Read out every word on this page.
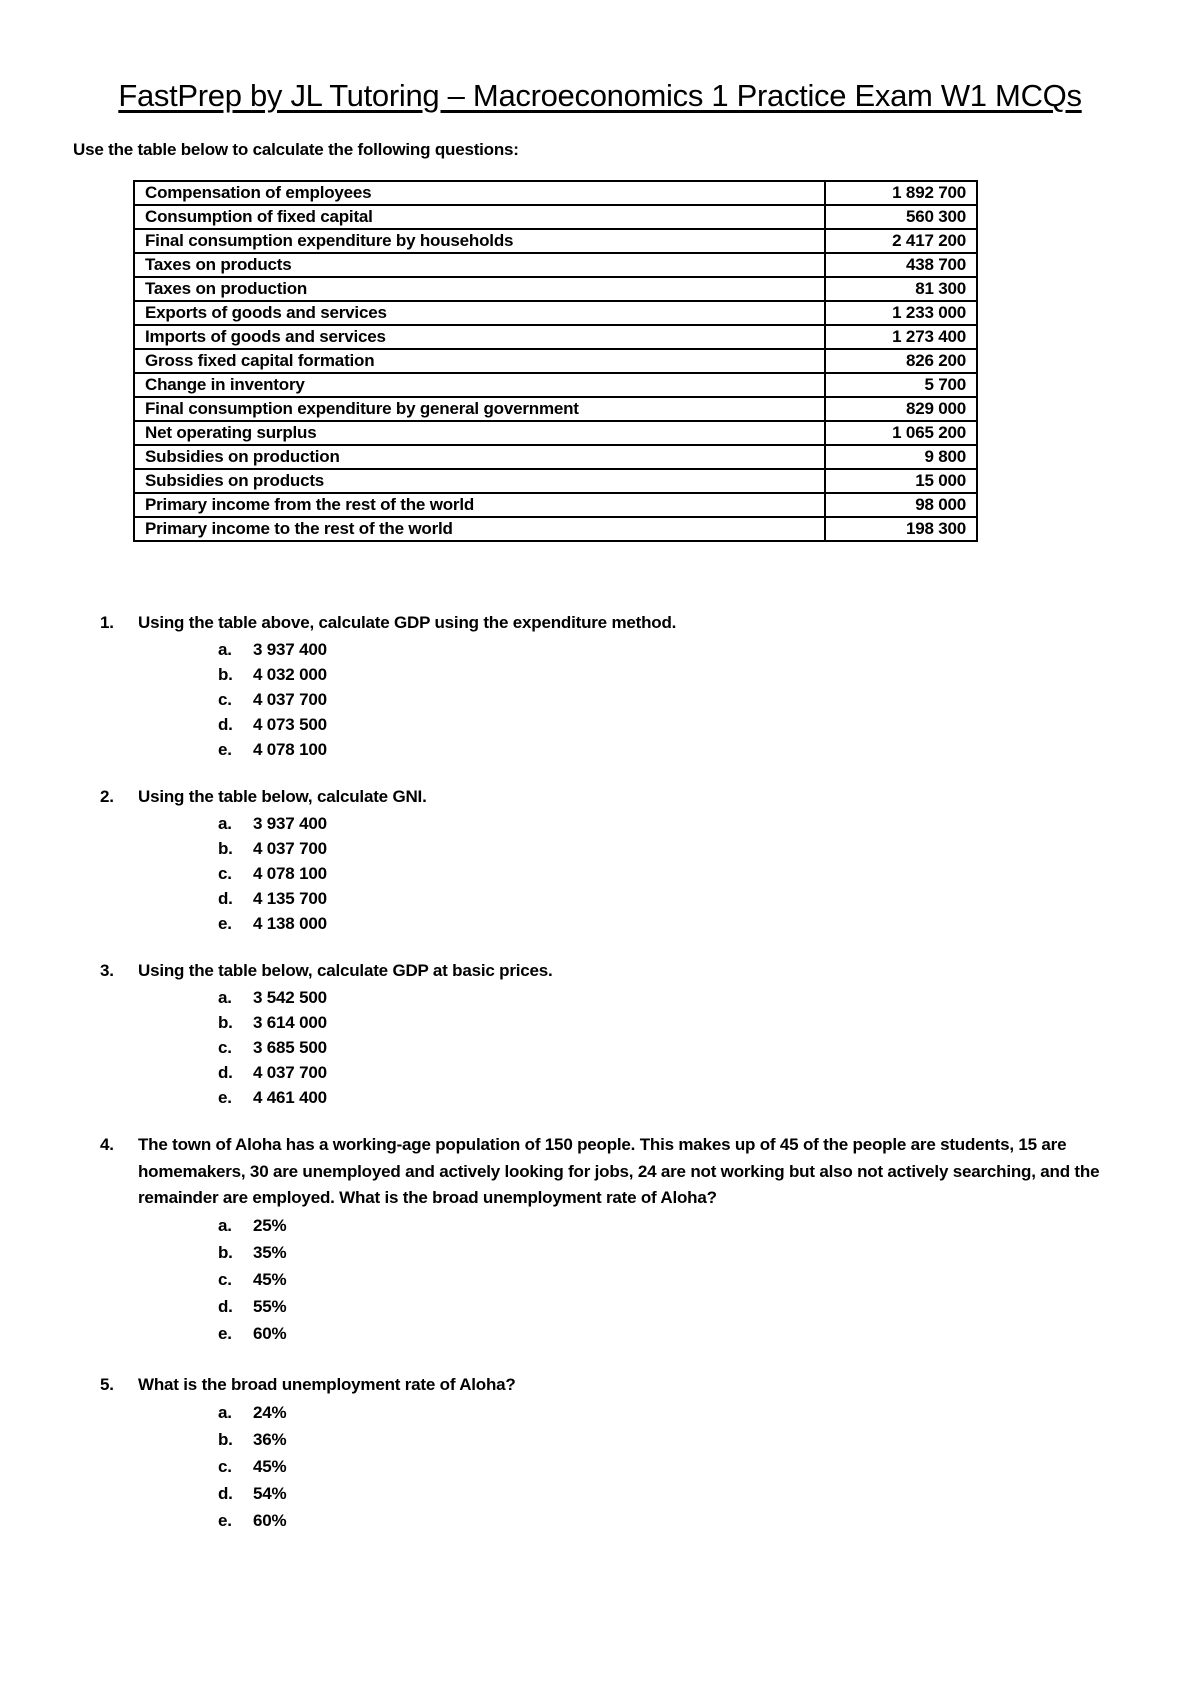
FastPrep by JL Tutoring – Macroeconomics 1 Practice Exam W1 MCQs
Use the table below to calculate the following questions:
Compensation of employees	1 892 700
Consumption of fixed capital	560 300
Final consumption expenditure by households	2 417 200
Taxes on products	438 700
Taxes on production	81 300
Exports of goods and services	1 233 000
Imports of goods and services	1 273 400
Gross fixed capital formation	826 200
Change in inventory	5 700
Final consumption expenditure by general government	829 000
Net operating surplus	1 065 200
Subsidies on production	9 800
Subsidies on products	15 000
Primary income from the rest of the world	98 000
Primary income to the rest of the world	198 300
1.	Using the table above, calculate GDP using the expenditure method.
a.	3 937 400
b.	4 032 000
c.	4 037 700
d.	4 073 500
e.	4 078 100
2.	Using the table below, calculate GNI.
a.	3 937 400
b.	4 037 700
c.	4 078 100
d.	4 135 700
e.	4 138 000
3.	Using the table below, calculate GDP at basic prices.
a.	3 542 500
b.	3 614 000
c.	3 685 500
d.	4 037 700
e.	4 461 400
4.	The town of Aloha has a working-age population of 150 people. This makes up of 45 of the people are students, 15 are homemakers, 30 are unemployed and actively looking for jobs, 24 are not working but also not actively searching, and the remainder are employed. What is the broad unemployment rate of Aloha?
a.	25%
b.	35%
c.	45%
d.	55%
e.	60%
5.	What is the broad unemployment rate of Aloha?
a.	24%
b.	36%
c.	45%
d.	54%
e.	60%
